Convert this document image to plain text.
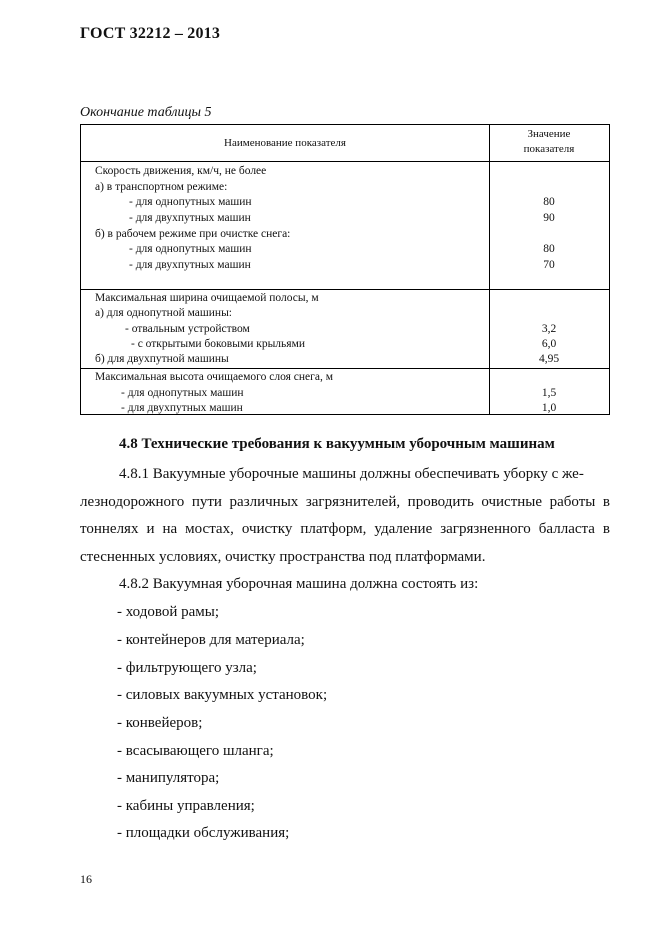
ГОСТ 32212 – 2013
Окончание таблицы 5
Наименование показателя
Значение
показателя
Скорость движения, км/ч, не более
а) в транспортном режиме:
- для однопутных машин	80
- для двухпутных машин	90
б) в рабочем режиме при очистке снега:
- для однопутных машин	80
- для двухпутных машин	70
Максимальная ширина очищаемой полосы, м
а) для однопутной машины:
- отвальным устройством	3,2
- с открытыми боковыми крыльями	6,0
б) для двухпутной машины	4,95
Максимальная высота очищаемого слоя снега, м
- для однопутных машин	1,5
- для двухпутных машин	1,0
4.8 Технические требования к вакуумным уборочным машинам
4.8.1 Вакуумные уборочные машины должны обеспечивать уборку с же-
лезнодорожного пути различных загрязнителей, проводить очистные работы в
тоннелях и на мостах, очистку платформ, удаление загрязненного балласта в
стесненных условиях, очистку пространства под платформами.
4.8.2 Вакуумная уборочная машина должна состоять из:
- ходовой рамы;
- контейнеров для материала;
- фильтрующего узла;
- силовых вакуумных установок;
- конвейеров;
- всасывающего шланга;
- манипулятора;
- кабины управления;
- площадки обслуживания;
16
